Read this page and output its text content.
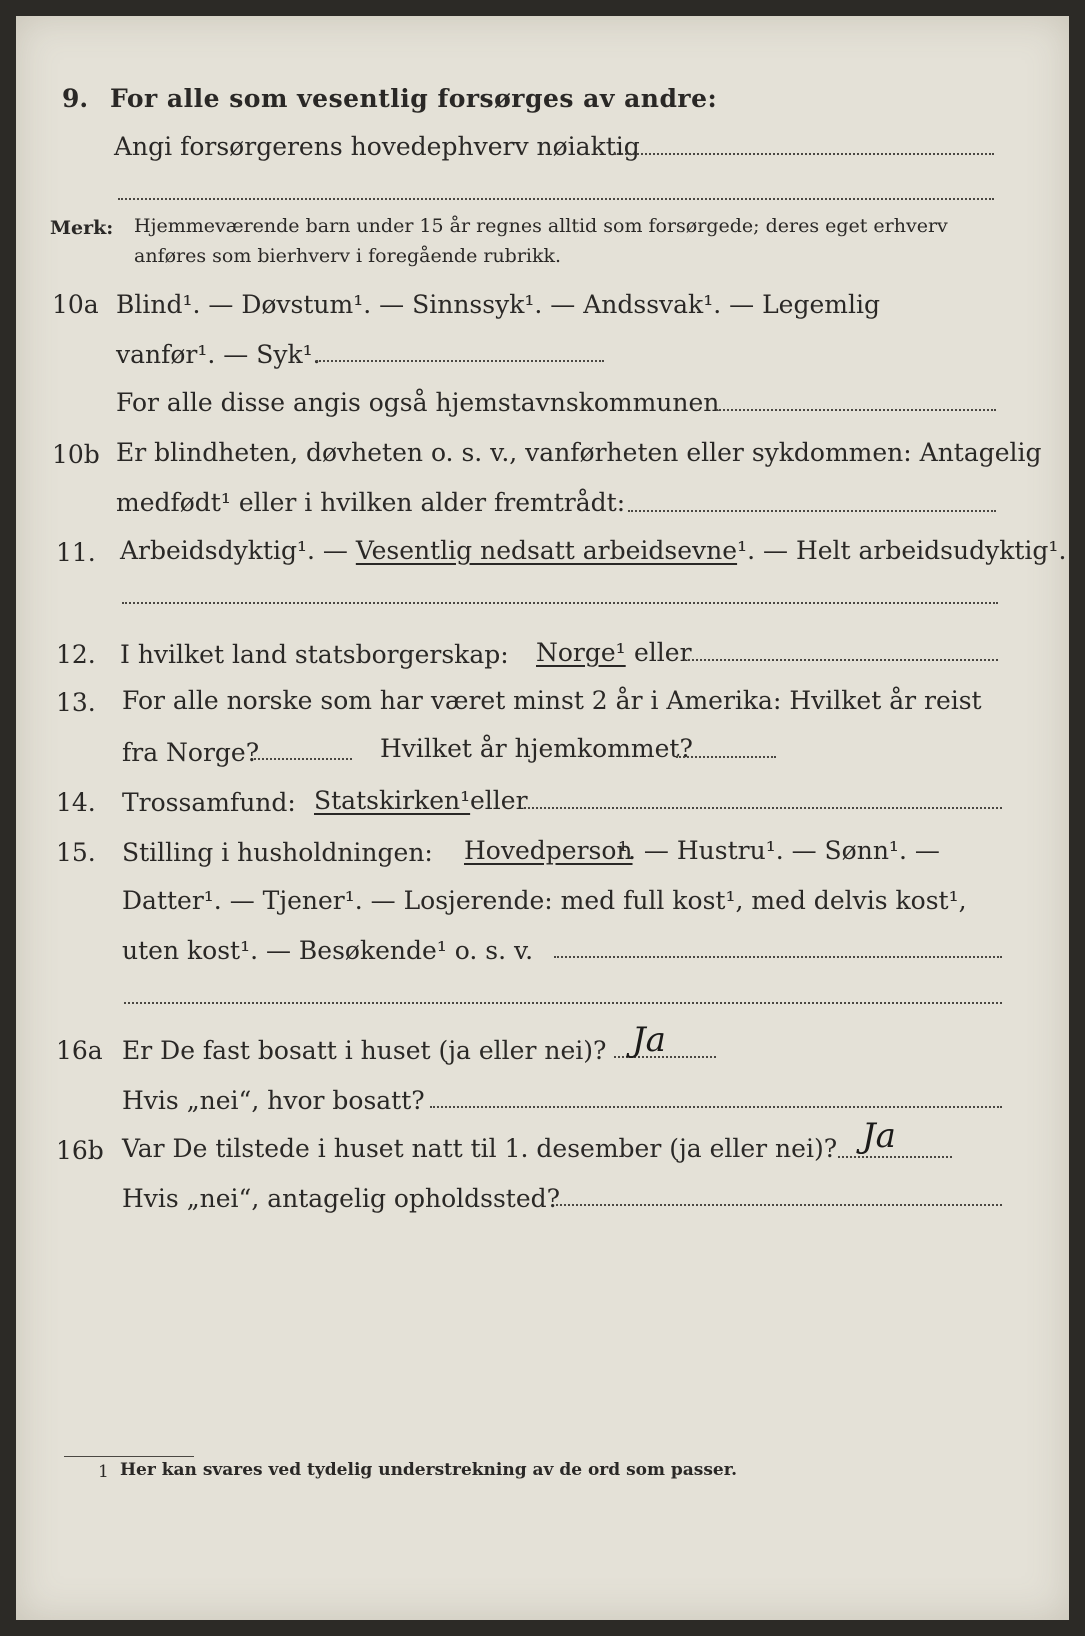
9. For alle som vesentlig forsørges av andre:
Angi forsørgerens hovedерhverv nøiaktig
Merk: Hjemmeværende barn under 15 år regnes alltid som forsørgede; deres eget erhverv
anføres som bierhverv i foregående rubrikk.
10a Blind¹. — Døvstum¹. — Sinnssyk¹. — Andssvak¹. — Legemlig
vanfør¹. — Syk¹.
For alle disse angis også hjemstavnskommunen
10b Er blindheten, døvheten o. s. v., vanførheten eller sykdommen: Antagelig
medfødt¹ eller i hvilken alder fremtrådt:
11. Arbeidsdyktig¹. — Vesentlig nedsatt arbeidsevne¹. — Helt arbeidsudyktig¹.
12. I hvilket land statsborgerskap: Norge¹ eller
13. For alle norske som har været minst 2 år i Amerika: Hvilket år reist
fra Norge?	Hvilket år hjemkommet?
14. Trossamfund: Statskirken¹ eller
15. Stilling i husholdningen: Hovedperson
¹. — Hustru¹. — Sønn¹. —
Datter¹. — Tjener¹. — Losjerende: med full kost¹, med delvis kost¹,
uten kost¹. — Besøkende¹ o. s. v.
16a Er De fast bosatt i huset (ja eller nei)? Ja
Hvis „nei“, hvor bosatt?
16b Var De tilstede i huset natt til 1. desember (ja eller nei)? Ja
Hvis „nei“, antagelig opholdssted?
1 Her kan svares ved tydelig understrekning av de ord som passer.
